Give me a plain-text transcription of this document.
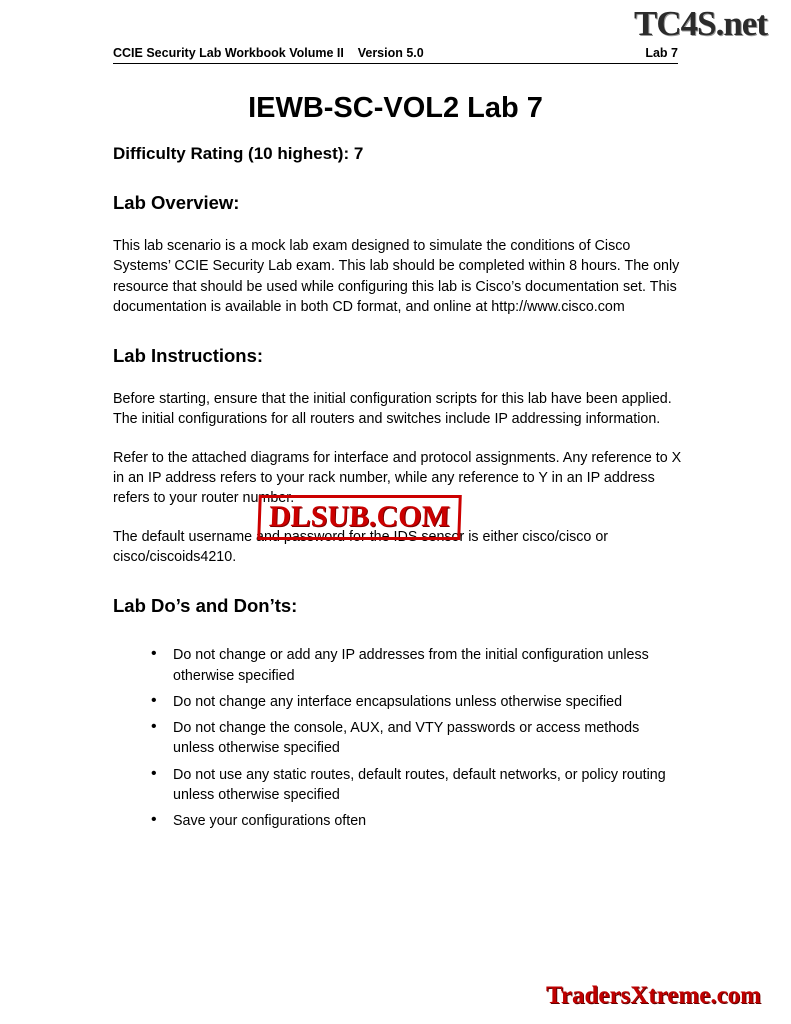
TC4S.net
CCIE Security Lab Workbook Volume II    Version 5.0	Lab 7
IEWB-SC-VOL2 Lab 7
Difficulty Rating (10 highest): 7
Lab Overview:

This lab scenario is a mock lab exam designed to simulate the conditions of Cisco Systems’ CCIE Security Lab exam. This lab should be completed within 8 hours. The only resource that should be used while configuring this lab is Cisco’s documentation set. This documentation is available in both CD format, and online at http://www.cisco.com

Lab Instructions:

Before starting, ensure that the initial configuration scripts for this lab have been applied. The initial configurations for all routers and switches include IP addressing information.

Refer to the attached diagrams for interface and protocol assignments. Any reference to X in an IP address refers to your rack number, while any reference to Y in an IP address refers to your router number.

The default username and password for the IDS sensor is either cisco/cisco or cisco/ciscoids4210.

Lab Do’s and Don’ts:
• Do not change or add any IP addresses from the initial configuration unless otherwise specified
• Do not change any interface encapsulations unless otherwise specified
• Do not change the console, AUX, and VTY passwords or access methods unless otherwise specified
• Do not use any static routes, default routes, default networks, or policy routing unless otherwise specified
• Save your configurations often
DLSUB.COM
TradersXtreme.com
